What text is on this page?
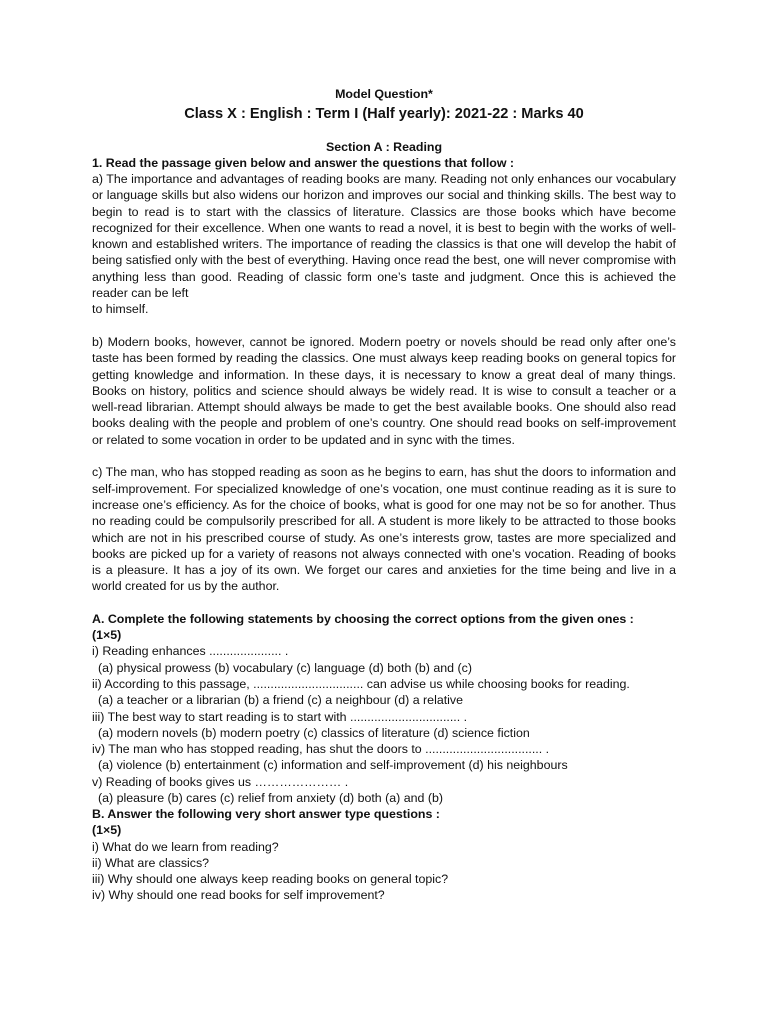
Model Question*
Class X : English : Term I (Half yearly): 2021-22 : Marks 40
Section A : Reading
1. Read the passage given below and answer the questions that follow :

a) The importance and advantages of reading books are many. Reading not only enhances our vocabulary or language skills but also widens our horizon and improves our social and thinking skills. The best way to begin to read is to start with the classics of literature. Classics are those books which have become recognized for their excellence. When one wants to read a novel, it is best to begin with the works of well-known and established writers. The importance of reading the classics is that one will develop the habit of being satisfied only with the best of everything. Having once read the best, one will never compromise with anything less than good. Reading of classic form one’s taste and judgment. Once this is achieved the reader can be left

to himself.

b) Modern books, however, cannot be ignored. Modern poetry or novels should be read only after one’s taste has been formed by reading the classics. One must always keep reading books on general topics for getting knowledge and information. In these days, it is necessary to know a great deal of many things. Books on history, politics and science should always be widely read. It is wise to consult a teacher or a well-read librarian. Attempt should always be made to get the best available books. One should also read books dealing with the people and problem of one’s country. One should read books on self-improvement or related to some vocation in order to be updated and in sync with the times.

c) The man, who has stopped reading as soon as he begins to earn, has shut the doors to information and self-improvement. For specialized knowledge of one’s vocation, one must continue reading as it is sure to increase one’s efficiency. As for the choice of books, what is good for one may not be so for another. Thus no reading could be compulsorily prescribed for all. A student is more likely to be attracted to those books which are not in his prescribed course of study. As one’s interests grow, tastes are more specialized and books are picked up for a variety of reasons not always connected with one’s vocation. Reading of books is a pleasure. It has a joy of its own. We forget our cares and anxieties for the time being and live in a world created for us by the author.

A. Complete the following statements by choosing the correct options from the given ones :
(1×5)
i) Reading enhances ..................... .
(a) physical prowess (b) vocabulary (c) language (d) both (b) and (c)
ii) According to this passage, ................................ can advise us while choosing books for reading.
(a) a teacher or a librarian (b) a friend (c) a neighbour (d) a relative
iii) The best way to start reading is to start with ................................ .
(a) modern novels (b) modern poetry (c) classics of literature (d) science fiction
iv) The man who has stopped reading, has shut the doors to .................................. .
(a) violence (b) entertainment (c) information and self-improvement (d) his neighbours
v) Reading of books gives us ………………… .
(a) pleasure (b) cares (c) relief from anxiety (d) both (a) and (b)
B. Answer the following very short answer type questions :
(1×5)
i) What do we learn from reading?
ii) What are classics?
iii) Why should one always keep reading books on general topic?
iv) Why should one read books for self improvement?
